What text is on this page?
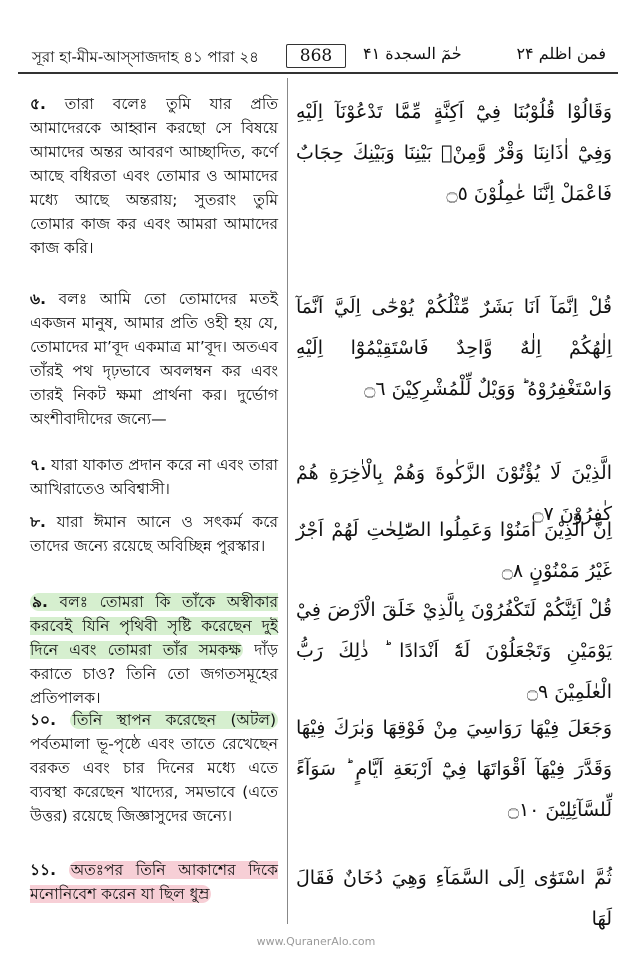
সূরা হা-মীম-আস্‌সাজদাহ ৪১ পারা ২৪	868	حٰمٓ السجدة ۴۱	فمن اظلم ۲۴

৫. তারা বলেঃ তুমি যার প্রতি আমাদেরকে আহ্বান করছো সে বিষয়ে আমাদের অন্তর আবরণ আচ্ছাদিত, কর্ণে আছে বধিরতা এবং তোমার ও আমাদের মধ্যে আছে অন্তরায়; সুতরাং তুমি তোমার কাজ কর এবং আমরা আমাদের কাজ করি।

وَقَالُوْا قُلُوْبُنَا فِيْٓ اَكِنَّةٍ مِّمَّا تَدْعُوْنَآ اِلَيْهِ وَفِيْٓ اٰذَانِنَا وَقْرٌ وَّمِنْۢ بَيْنِنَا وَبَيْنِكَ حِجَابٌ فَاعْمَلْ اِنَّنَا عٰمِلُوْنَ ۝٥

৬. বলঃ আমি তো তোমাদের মতই একজন মানুষ, আমার প্রতি ওহী হয় যে, তোমাদের মা’বূদ একমাত্র মা’বূদ। অতএব তাঁরই পথ দৃঢ়ভাবে অবলম্বন কর এবং তারই নিকট ক্ষমা প্রার্থনা কর। দুর্ভোগ অংশীবাদীদের জন্যে—

قُلْ اِنَّمَآ اَنَا بَشَرٌ مِّثْلُكُمْ يُوْحٰٓى اِلَيَّ اَنَّمَآ اِلٰهُكُمْ اِلٰهٌ وَّاحِدٌ فَاسْتَقِيْمُوْٓا اِلَيْهِ وَاسْتَغْفِرُوْهُ ؕ وَوَيْلٌ لِّلْمُشْرِكِيْنَ ۝٦

৭. যারা যাকাত প্রদান করে না এবং তারা আখিরাতেও অবিশ্বাসী।

الَّذِيْنَ لَا يُؤْتُوْنَ الزَّكٰوةَ وَهُمْ بِالْاٰخِرَةِ هُمْ كٰفِرُوْنَ ۝٧

৮. যারা ঈমান আনে ও সৎকর্ম করে তাদের জন্যে রয়েছে অবিচ্ছিন্ন পুরস্কার।

اِنَّ الَّذِيْنَ اٰمَنُوْا وَعَمِلُوا الصّٰلِحٰتِ لَهُمْ اَجْرٌ غَيْرُ مَمْنُوْنٍ ۝٨

৯. বলঃ তোমরা কি তাঁকে অস্বীকার করবেই যিনি পৃথিবী সৃষ্টি করেছেন দুই দিনে এবং তোমরা তাঁর সমকক্ষ দাঁড় করাতে চাও? তিনি তো জগতসমূহের প্রতিপালক।

قُلْ اَئِنَّكُمْ لَتَكْفُرُوْنَ بِالَّذِيْ خَلَقَ الْاَرْضَ فِيْ يَوْمَيْنِ وَتَجْعَلُوْنَ لَهٗٓ اَنْدَادًا ؕ ذٰلِكَ رَبُّ الْعٰلَمِيْنَ ۝٩

১০. তিনি স্থাপন করেছেন (অটল) পর্বতমালা ভূ-পৃষ্ঠে এবং তাতে রেখেছেন বরকত এবং চার দিনের মধ্যে এতে ব্যবস্থা করেছেন খাদ্যের, সমভাবে (এতে উত্তর) রয়েছে জিজ্ঞাসুদের জন্যে।

وَجَعَلَ فِيْهَا رَوَاسِيَ مِنْ فَوْقِهَا وَبٰرَكَ فِيْهَا وَقَدَّرَ فِيْهَآ اَقْوَاتَهَا فِيْٓ اَرْبَعَةِ اَيَّامٍ ؕ سَوَآءً لِّلسَّآئِلِيْنَ ۝١٠

১১. অতঃপর তিনি আকাশের দিকে মনোনিবেশ করেন যা ছিল ধুম্র

ثُمَّ اسْتَوٰٓى اِلَى السَّمَآءِ وَهِيَ دُخَانٌ فَقَالَ لَهَا
www.QuranerAlo.com
